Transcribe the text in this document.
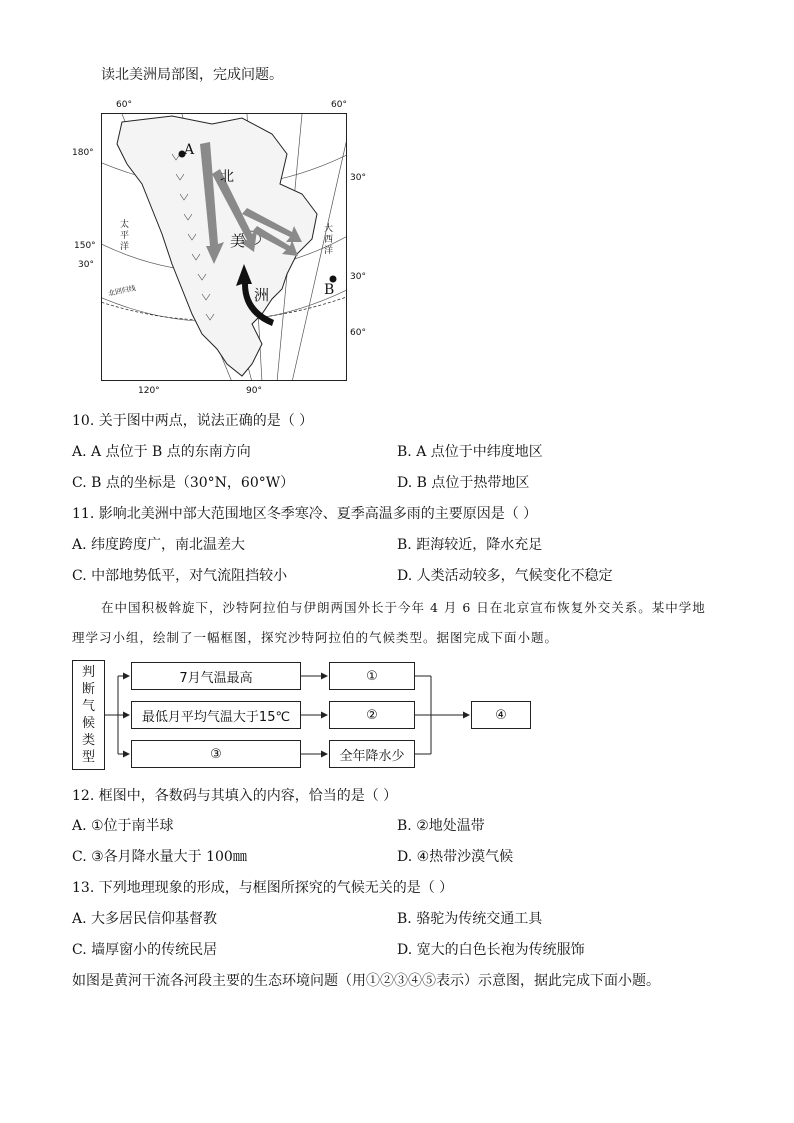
读北美洲局部图，完成问题。
60°	60°
180°
30°
150°
30°
30°
60°
120°	90°
A
B
北
美
洲
太平洋
大西洋
北回归线
10. 关于图中两点，说法正确的是（ ）
A. A 点位于 B 点的东南方向	B. A 点位于中纬度地区
C. B 点的坐标是（30°N，60°W）	D. B 点位于热带地区
11. 影响北美洲中部大范围地区冬季寒冷、夏季高温多雨的主要原因是（ ）
A. 纬度跨度广，南北温差大	B. 距海较近，降水充足
C. 中部地势低平，对气流阻挡较小	D. 人类活动较多，气候变化不稳定
在中国积极斡旋下，沙特阿拉伯与伊朗两国外长于今年 4 月 6 日在北京宣布恢复外交关系。某中学地
理学习小组，绘制了一幅框图，探究沙特阿拉伯的气候类型。据图完成下面小题。
判
断
气
候
类
型
7月气温最高	①
最低月平均气温大于15℃	②
③	全年降水少
④
12. 框图中，各数码与其填入的内容，恰当的是（ ）
A. ①位于南半球	B. ②地处温带
C. ③各月降水量大于 100㎜	D. ④热带沙漠气候
13. 下列地理现象的形成，与框图所探究的气候无关的是（ ）
A. 大多居民信仰基督教	B. 骆驼为传统交通工具
C. 墙厚窗小的传统民居	D. 宽大的白色长袍为传统服饰
如图是黄河干流各河段主要的生态环境问题（用①②③④⑤表示）示意图，据此完成下面小题。
